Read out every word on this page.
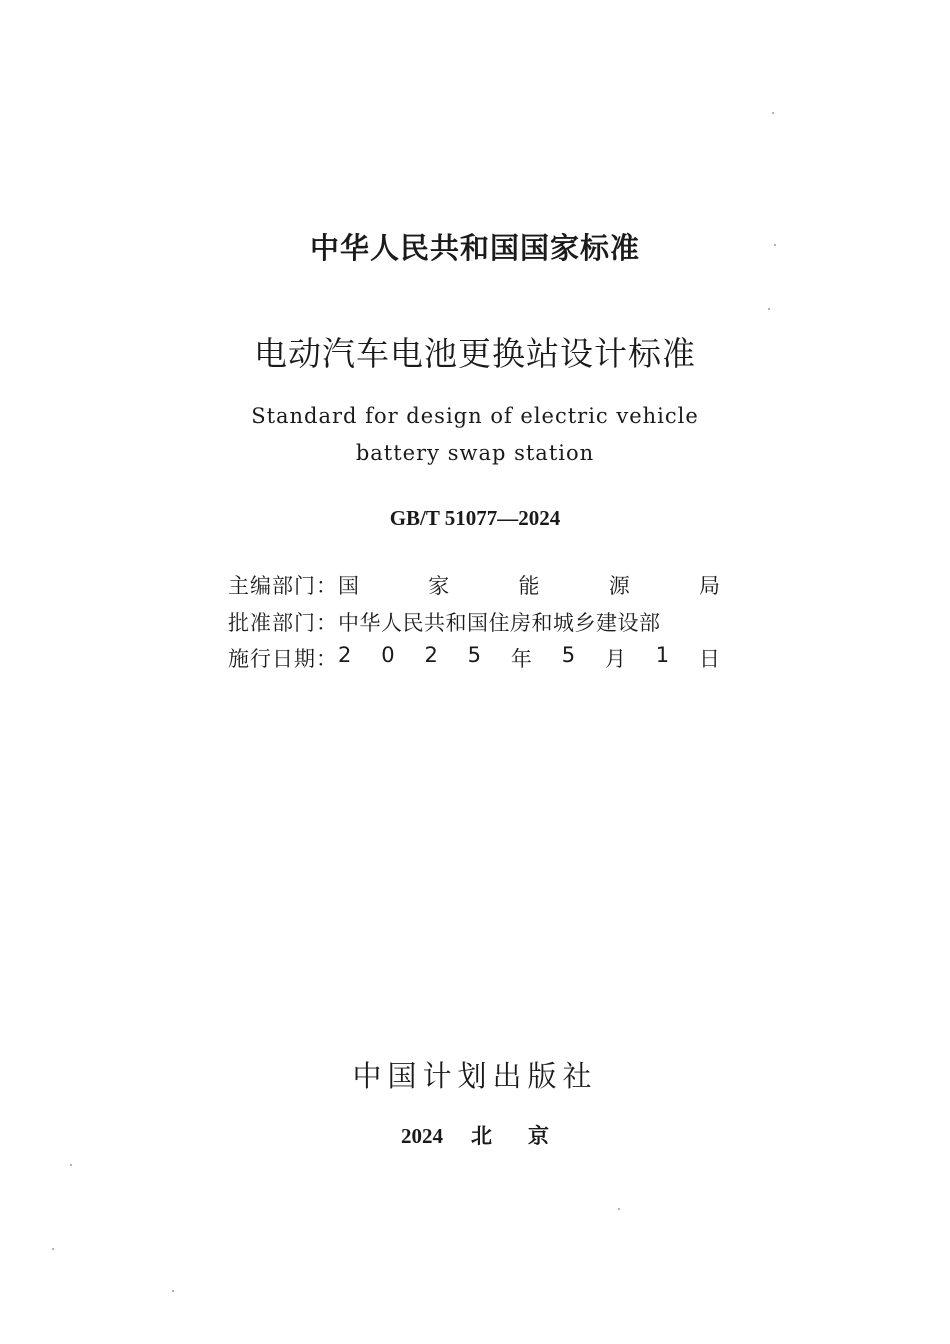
中华人民共和国国家标准
电动汽车电池更换站设计标准
Standard for design of electric vehicle
battery swap station
GB/T 51077—2024
主编部门： 国	家	能	源	局
批准部门： 中华人民共和国住房和城乡建设部
施行日期： 2 0 2 5 年 5 月 1 日
中国计划出版社
2024 北 京
